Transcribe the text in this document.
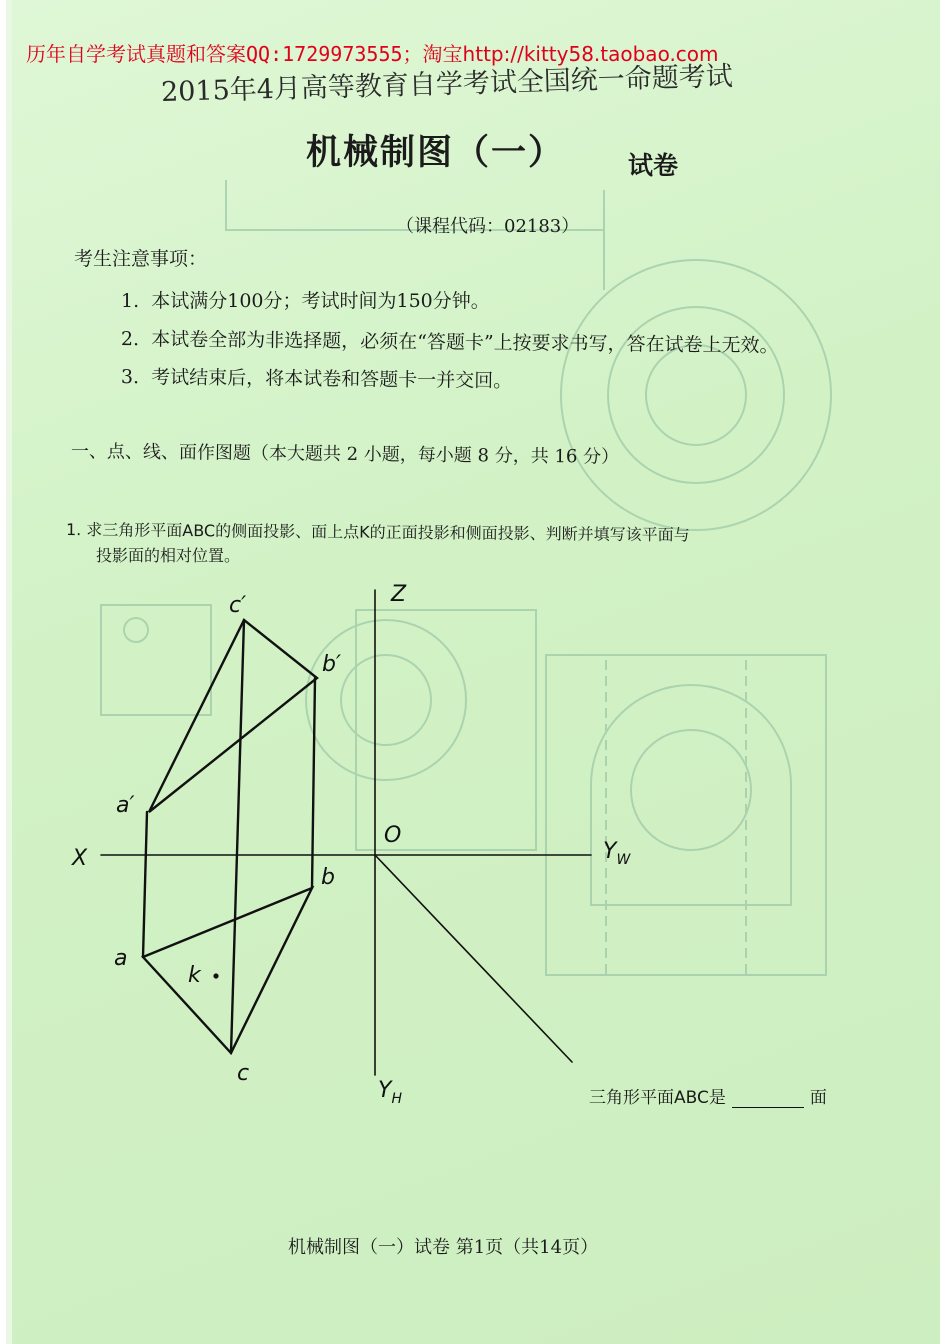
历年自学考试真题和答案QQ:1729973555；淘宝http://kitty58.taobao.com
2015年4月高等教育自学考试全国统一命题考试
机械制图（一）	试卷
（课程代码：02183）
考生注意事项：
1. 本试满分100分；考试时间为150分钟。
2. 本试卷全部为非选择题，必须在“答题卡”上按要求书写，答在试卷上无效。
3. 考试结束后，将本试卷和答题卡一并交回。
一、点、线、面作图题（本大题共 2 小题，每小题 8 分，共 16 分）
1. 求三角形平面ABC的侧面投影、面上点K的正面投影和侧面投影、判断并填写该平面与
投影面的相对位置。
c′
b′
a′
X
Z
O
$Y_W$
$Y_H$
b
a
k
c
三角形平面ABC是	面
机械制图（一）试卷 第1页（共14页）
